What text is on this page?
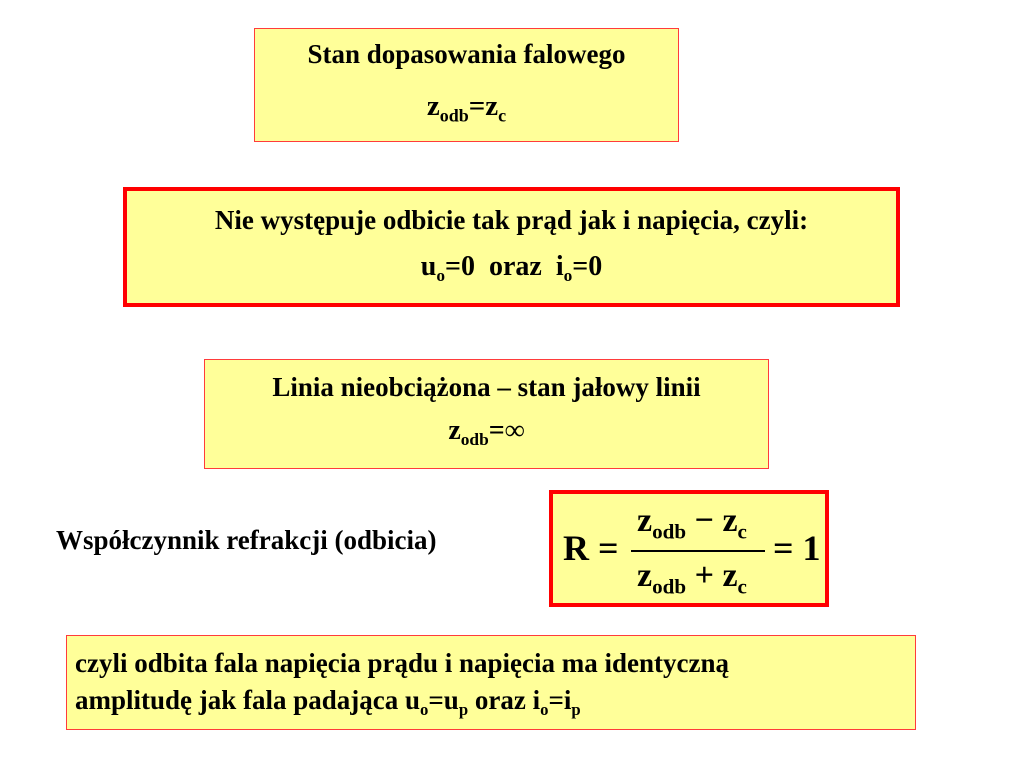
Stan dopasowania falowego
$z_{odb}=z_c$
Nie występuje odbicie tak prąd jak i napięcia, czyli:
$u_o=0$  oraz  $i_o=0$
Linia nieobciążona – stan jałowy linii
$z_{odb}=\infty$
Współczynnik refrakcji (odbicia)	R =
$z_{odb} - z_c$
$z_{odb} + z_c$
= 1
czyli odbita fala napięcia prądu i napięcia ma identyczną
amplitudę jak fala padająca $u_o=u_p$ oraz $i_o=i_p$
